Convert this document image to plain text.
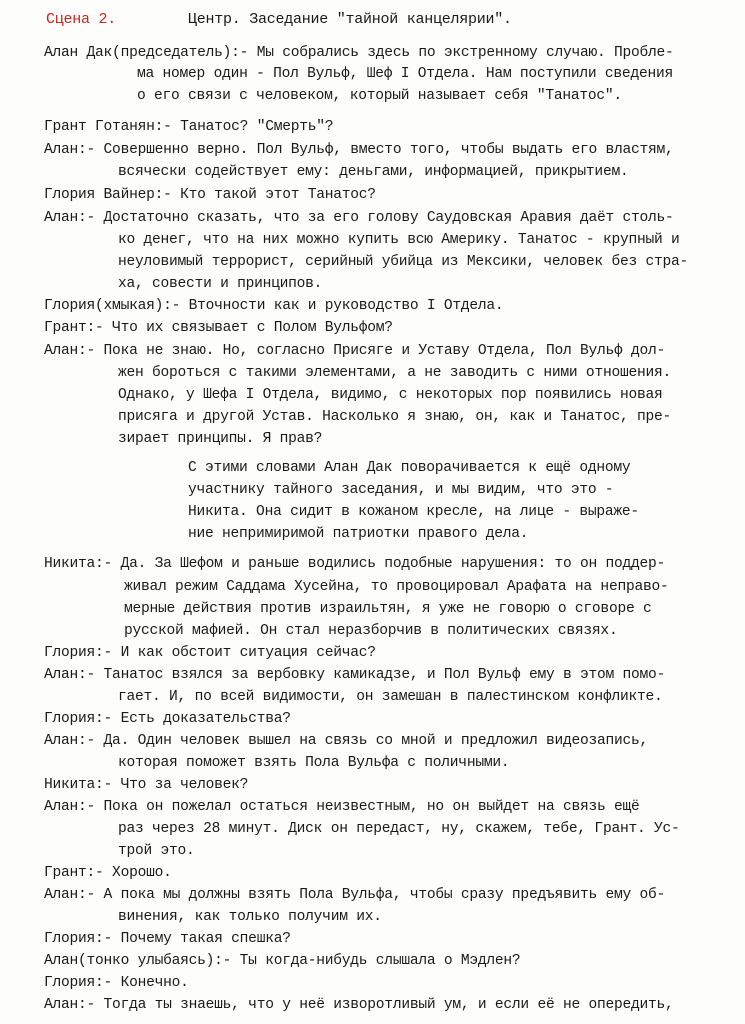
Сцена 2.	Центр. Заседание "тайной канцелярии".
Алан Дак(председатель):- Мы собрались здесь по экстренному случаю. Пробле-
ма номер один - Пол Вульф, Шеф I Отдела. Нам поступили сведения
о его связи с человеком, который называет себя "Танатос".
Грант Готанян:- Танатос? "Смерть"?
Алан:- Совершенно верно. Пол Вульф, вместо того, чтобы выдать его властям,
всячески содействует ему: деньгами, информацией, прикрытием.
Глория Вайнер:- Кто такой этот Танатос?
Алан:- Достаточно сказать, что за его голову Саудовская Аравия даёт столь-
ко денег, что на них можно купить всю Америку. Танатос - крупный и
неуловимый террорист, серийный убийца из Мексики, человек без стра-
ха, совести и принципов.
Глория(хмыкая):- Вточности как и руководство I Отдела.
Грант:- Что их связывает с Полом Вульфом?
Алан:- Пока не знаю. Но, согласно Присяге и Уставу Отдела, Пол Вульф дол-
жен бороться с такими элементами, а не заводить с ними отношения.
Однако, у Шефа I Отдела, видимо, с некоторых пор появились новая
присяга и другой Устав. Насколько я знаю, он, как и Танатос, пре-
зирает принципы. Я прав?
С этими словами Алан Дак поворачивается к ещё одному
участнику тайного заседания, и мы видим, что это -
Никита. Она сидит в кожаном кресле, на лице - выраже-
ние непримиримой патриотки правого дела.
Никита:- Да. За Шефом и раньше водились подобные нарушения: то он поддер-
живал режим Саддама Хусейна, то провоцировал Арафата на неправо-
мерные действия против израильтян, я уже не говорю о сговоре с
русской мафией. Он стал неразборчив в политических связях.
Глория:- И как обстоит ситуация сейчас?
Алан:- Танатос взялся за вербовку камикадзе, и Пол Вульф ему в этом помо-
гает. И, по всей видимости, он замешан в палестинском конфликте.
Глория:- Есть доказательства?
Алан:- Да. Один человек вышел на связь со мной и предложил видеозапись,
которая поможет взять Пола Вульфа с поличными.
Никита:- Что за человек?
Алан:- Пока он пожелал остаться неизвестным, но он выйдет на связь ещё
раз через 28 минут. Диск он передаст, ну, скажем, тебе, Грант. Ус-
трой это.
Грант:- Хорошо.
Алан:- А пока мы должны взять Пола Вульфа, чтобы сразу предъявить ему об-
винения, как только получим их.
Глория:- Почему такая спешка?
Алан(тонко улыбаясь):- Ты когда-нибудь слышала о Мэдлен?
Глория:- Конечно.
Алан:- Тогда ты знаешь, что у неё изворотливый ум, и если её не опередить,
